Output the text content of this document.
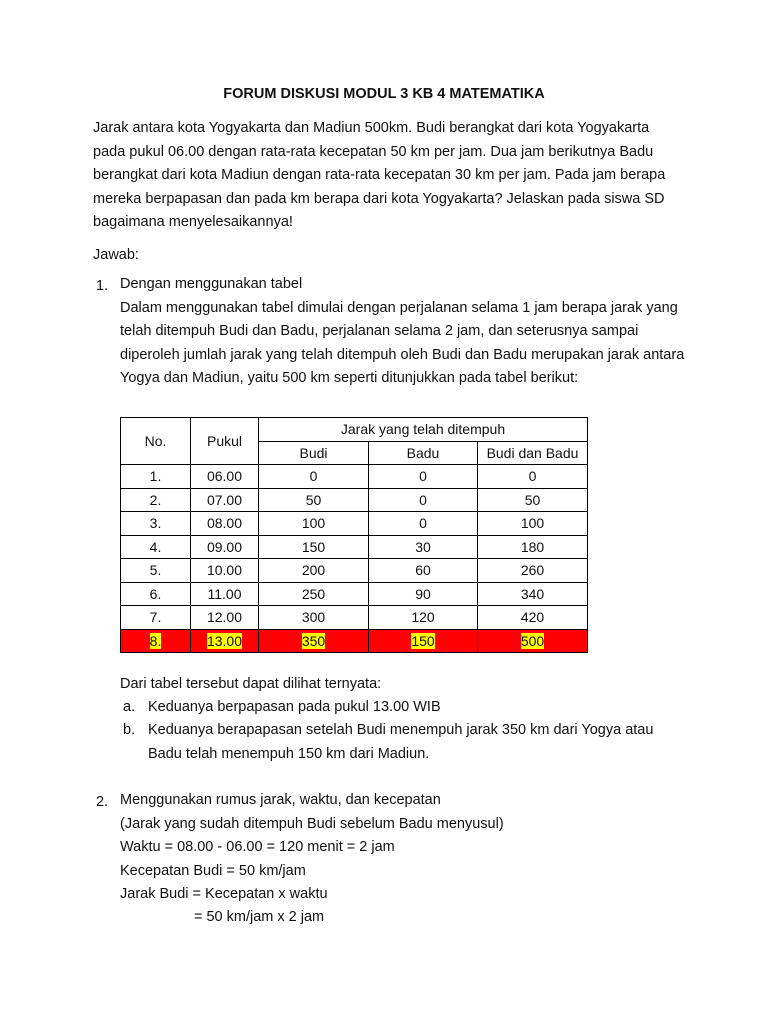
FORUM DISKUSI MODUL 3 KB 4 MATEMATIKA
Jarak antara kota Yogyakarta dan Madiun 500km. Budi berangkat dari kota Yogyakarta
pada pukul 06.00 dengan rata-rata kecepatan 50 km per jam. Dua jam berikutnya Badu
berangkat dari kota Madiun dengan rata-rata kecepatan 30 km per jam. Pada jam berapa
mereka berpapasan dan pada km berapa dari kota Yogyakarta? Jelaskan pada siswa SD
bagaimana menyelesaikannya!
Jawab:
1. Dengan menggunakan tabel
Dalam menggunakan tabel dimulai dengan perjalanan selama 1 jam berapa jarak yang
telah ditempuh Budi dan Badu, perjalanan selama 2 jam, dan seterusnya sampai
diperoleh jumlah jarak yang telah ditempuh oleh Budi dan Badu merupakan jarak antara
Yogya dan Madiun, yaitu 500 km seperti ditunjukkan pada tabel berikut:
No.	Pukul	Jarak yang telah ditempuh		
		Budi	Badu	Budi dan Badu
1.	06.00	0	0	0
2.	07.00	50	0	50
3.	08.00	100	0	100
4.	09.00	150	30	180
5.	10.00	200	60	260
6.	11.00	250	90	340
7.	12.00	300	120	420
8.	13.00	350	150	500
Dari tabel tersebut dapat dilihat ternyata:
a. Keduanya berpapasan pada pukul 13.00 WIB
b. Keduanya berapapasan setelah Budi menempuh jarak 350 km dari Yogya atau
Badu telah menempuh 150 km dari Madiun.
2. Menggunakan rumus jarak, waktu, dan kecepatan
(Jarak yang sudah ditempuh Budi sebelum Badu menyusul)
Waktu = 08.00 - 06.00 = 120 menit = 2 jam
Kecepatan Budi = 50 km/jam
Jarak Budi = Kecepatan x waktu
= 50 km/jam x 2 jam
